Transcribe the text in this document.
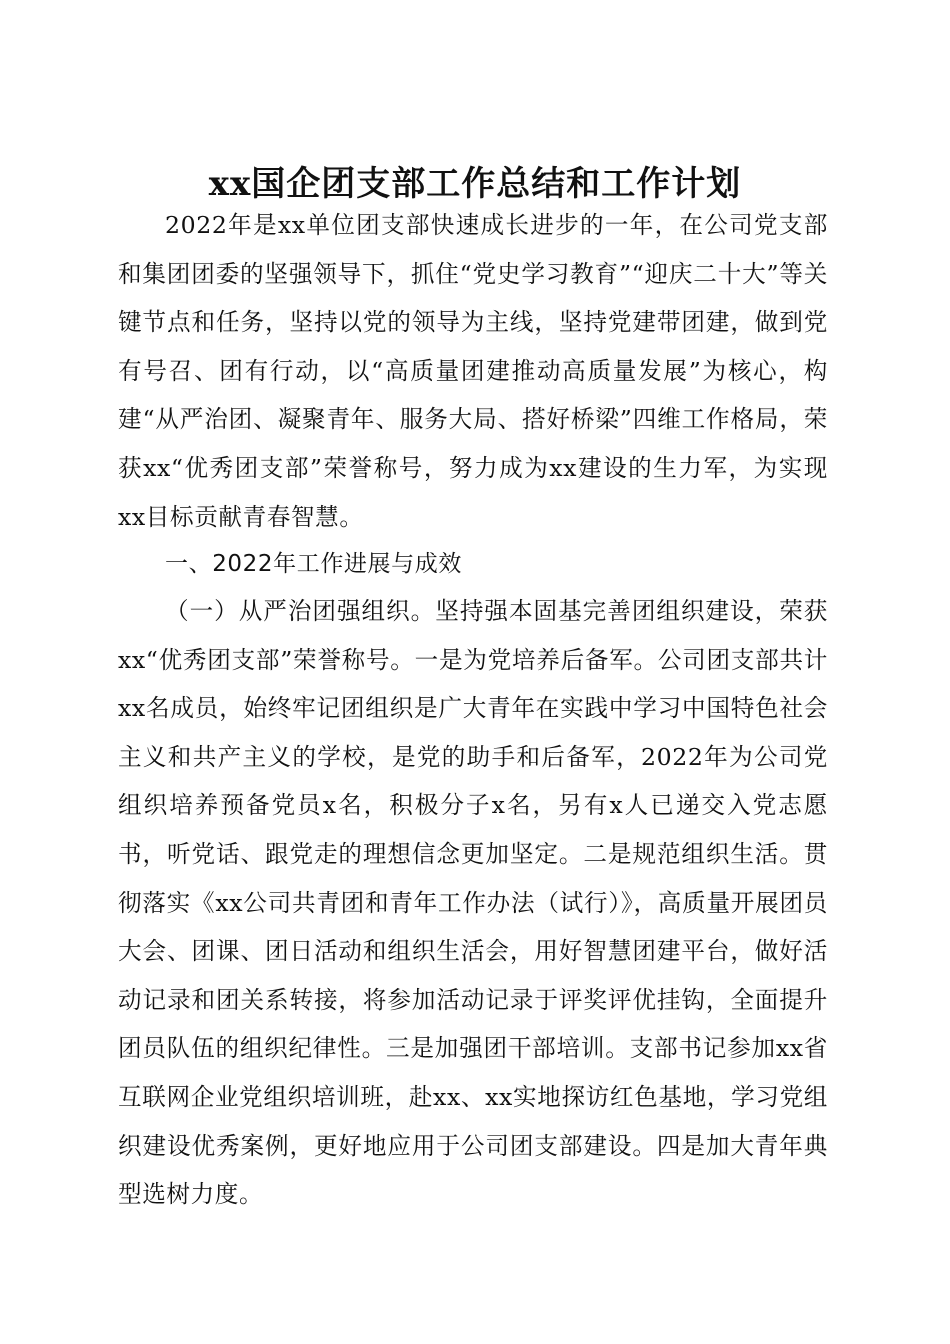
xx国企团支部工作总结和工作计划

2022年是xx单位团支部快速成长进步的一年，在公司党支部和集团团委的坚强领导下，抓住“党史学习教育”“迎庆二十大”等关键节点和任务，坚持以党的领导为主线，坚持党建带团建，做到党有号召、团有行动，以“高质量团建推动高质量发展”为核心，构建“从严治团、凝聚青年、服务大局、搭好桥梁”四维工作格局，荣获xx“优秀团支部”荣誉称号，努力成为xx建设的生力军，为实现xx目标贡献青春智慧。

一、2022年工作进展与成效

（一）从严治团强组织。坚持强本固基完善团组织建设，荣获xx“优秀团支部”荣誉称号。一是为党培养后备军。公司团支部共计xx名成员，始终牢记团组织是广大青年在实践中学习中国特色社会主义和共产主义的学校，是党的助手和后备军，2022年为公司党组织培养预备党员x名，积极分子x名，另有x人已递交入党志愿书，听党话、跟党走的理想信念更加坚定。二是规范组织生活。贯彻落实《xx公司共青团和青年工作办法（试行）》，高质量开展团员大会、团课、团日活动和组织生活会，用好智慧团建平台，做好活动记录和团关系转接，将参加活动记录于评奖评优挂钩，全面提升团员队伍的组织纪律性。三是加强团干部培训。支部书记参加xx省互联网企业党组织培训班，赴xx、xx实地探访红色基地，学习党组织建设优秀案例，更好地应用于公司团支部建设。四是加大青年典型选树力度。
